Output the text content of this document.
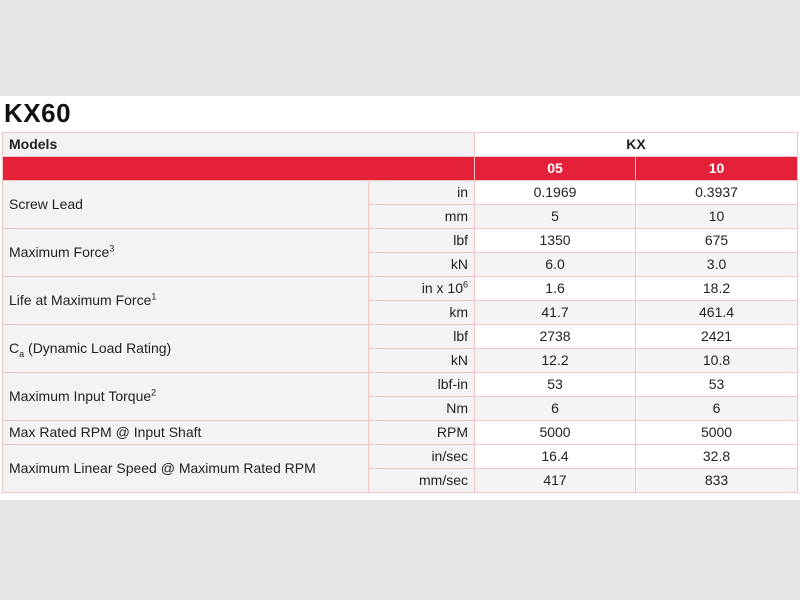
KX60
Models		KX	
		05	10
Screw Lead	in	0.1969	0.3937
	mm	5	10
Maximum Force$^3$	lbf	1350	675
	kN	6.0	3.0
Life at Maximum Force$^1$	in x $10^6$	1.6	18.2
	km	41.7	461.4
$C_a$ (Dynamic Load Rating)	lbf	2738	2421
	kN	12.2	10.8
Maximum Input Torque$^2$	lbf-in	53	53
	Nm	6	6
Max Rated RPM @ Input Shaft	RPM	5000	5000
Maximum Linear Speed @ Maximum Rated RPM	in/sec	16.4	32.8
	mm/sec	417	833
